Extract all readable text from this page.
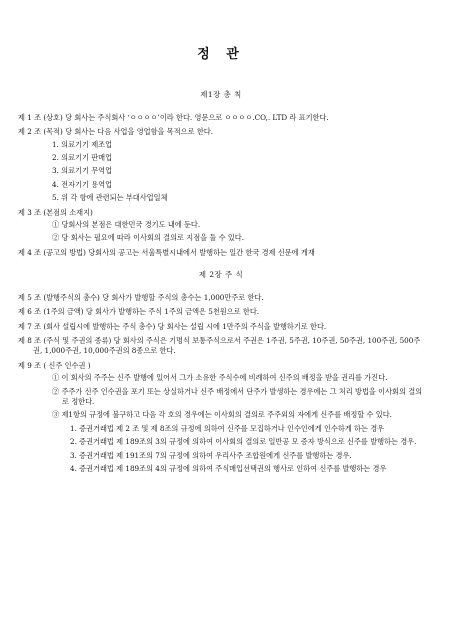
정 관
제1장 총 칙
제 1 조 (상호) 당 회사는 주식회사 ‘ㅇㅇㅇㅇ’이라 한다. 영문으로 ㅇㅇㅇㅇ.CO,. LTD 라 표기한다.
제 2 조 (목적) 당 회사는 다음 사업을 영업함을 목적으로 한다.
1. 의료기기 제조업
2. 의료기기 판매업
3. 의료기기 무역업
4. 전자기기 용역업
5. 위 각 항에 관련되는 부대사업일체
제 3 조 (본점의 소재지)
① 당회사의 본점은 대한민국 경기도 내에 둔다.
② 당 회사는 필요에 따라 이사회의 결의로 지점을 둘 수 있다.
제 4 조 (공고의 방법) 당회사의 공고는 서울특별시내에서 발행하는 일간 한국 경제 신문에 게재
제 2장 주 식
제 5 조 (발행주식의 총수) 당 회사가 발행할 주식의 총수는 1,000만주로 한다.
제 6 조 (1주의 금액) 당 회사가 발행하는 주식 1주의 금액은 5천원으로 한다.
제 7 조 (회사 설립시에 발행하는 주식 총수) 당 회사는 설립 시에 1만주의 주식을 발행하기로 한다.
제 8 조 (주식 및 주권의 종류) 당 회사의 주식은 기명식 보통주식으로서 주권은 1주권, 5주권, 10주권, 50주권, 100주권, 500주권, 1,000주권, 10,000주권의 8종으로 한다.
제 9 조 ( 신주 인수권 )
① 이 회사의 주주는 신주 발행에 있어서 그가 소유한 주식수에 비례하여 신주의 배정을 받을 권리를 가진다.
② 주주가 신주 인수권을 포기 또는 상실하거나 신주 배정에서 단주가 발생하는 경우에는 그 처리 방법을 이사회의 결의로 정한다.
③ 제1항의 규정에 불구하고 다음 각 호의 경우에는 이사회의 결의로 주주외의 자에게 신주를 배정할 수 있다.
1. 증권거래법 제 2 조 및 제 8조의 규정에 의하여 신주를 모집하거나 인수인에게 인수하게 하는 경우
2. 증권거래법 제 189조의 3의 규정에 의하여 이사회의 결의로 일반공 모 증자 방식으로 신주를 발행하는 경우.
3. 증권거래법 제 191조의 7의 규정에 의하여 우리사주 조합원에게 신주를 발행하는 경우.
4. 증권거래법 제 189조의 4의 규정에 의하여 주식매입선택권의 행사로 인하여 신주를 발행하는 경우
